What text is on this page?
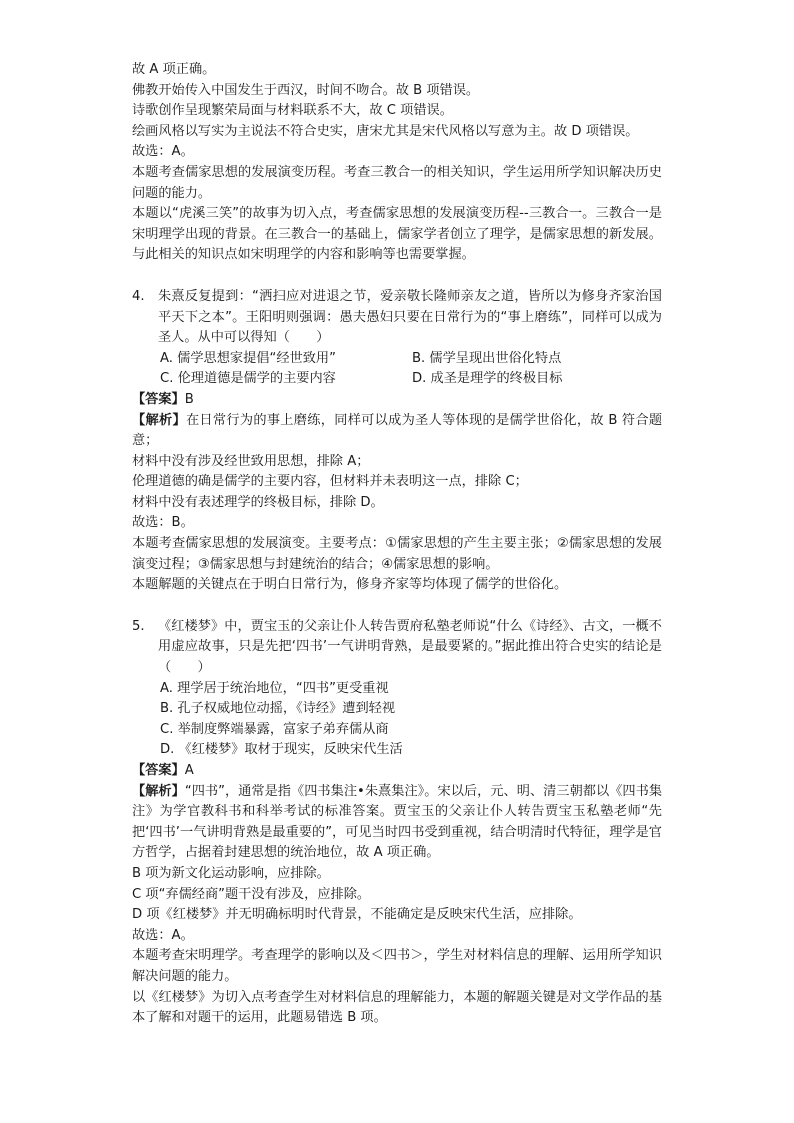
故 A 项正确。
佛教开始传入中国发生于西汉，时间不吻合。故 B 项错误。
诗歌创作呈现繁荣局面与材料联系不大，故 C 项错误。
绘画风格以写实为主说法不符合史实，唐宋尤其是宋代风格以写意为主。故 D 项错误。
故选：A。
本题考查儒家思想的发展演变历程。考查三教合一的相关知识，学生运用所学知识解决历史问题的能力。
本题以“虎溪三笑”的故事为切入点，考查儒家思想的发展演变历程--三教合一。三教合一是宋明理学出现的背景。在三教合一的基础上，儒家学者创立了理学，是儒家思想的新发展。与此相关的知识点如宋明理学的内容和影响等也需要掌握。
4. 朱熹反复提到：“洒扫应对进退之节，爱亲敬长隆师亲友之道，皆所以为修身齐家治国平天下之本”。王阳明则强调：愚夫愚妇只要在日常行为的“事上磨练”，同样可以成为圣人。从中可以得知（　　）
A. 儒学思想家提倡“经世致用”	B. 儒学呈现出世俗化特点
C. 伦理道德是儒学的主要内容	D. 成圣是理学的终极目标
【答案】B
【解析】在日常行为的事上磨练，同样可以成为圣人等体现的是儒学世俗化，故 B 符合题意；
材料中没有涉及经世致用思想，排除 A；
伦理道德的确是儒学的主要内容，但材料并未表明这一点，排除 C；
材料中没有表述理学的终极目标，排除 D。
故选：B。
本题考查儒家思想的发展演变。主要考点：①儒家思想的产生主要主张；②儒家思想的发展演变过程；③儒家思想与封建统治的结合；④儒家思想的影响。
本题解题的关键点在于明白日常行为，修身齐家等均体现了儒学的世俗化。
5. 《红楼梦》中，贾宝玉的父亲让仆人转告贾府私塾老师说“什么《诗经》、古文，一概不用虚应故事，只是先把‘四书’一气讲明背熟，是最要紧的。”据此推出符合史实的结论是（　　）
A. 理学居于统治地位，“四书”更受重视
B. 孔子权威地位动摇，《诗经》遭到轻视
C. 举制度弊端暴露，富家子弟弃儒从商
D. 《红楼梦》取材于现实，反映宋代生活
【答案】A
【解析】“四书”，通常是指《四书集注•朱熹集注》。宋以后，元、明、清三朝都以《四书集注》为学官教科书和科举考试的标准答案。贾宝玉的父亲让仆人转告贾宝玉私塾老师“先把‘四书’一气讲明背熟是最重要的”，可见当时四书受到重视，结合明清时代特征，理学是官方哲学，占据着封建思想的统治地位，故 A 项正确。
B 项为新文化运动影响，应排除。
C 项“弃儒经商”题干没有涉及，应排除。
D 项《红楼梦》并无明确标明时代背景，不能确定是反映宋代生活，应排除。
故选：A。
本题考查宋明理学。考查理学的影响以及＜四书＞，学生对材料信息的理解、运用所学知识解决问题的能力。
以《红楼梦》为切入点考查学生对材料信息的理解能力，本题的解题关键是对文学作品的基本了解和对题干的运用，此题易错选 B 项。
